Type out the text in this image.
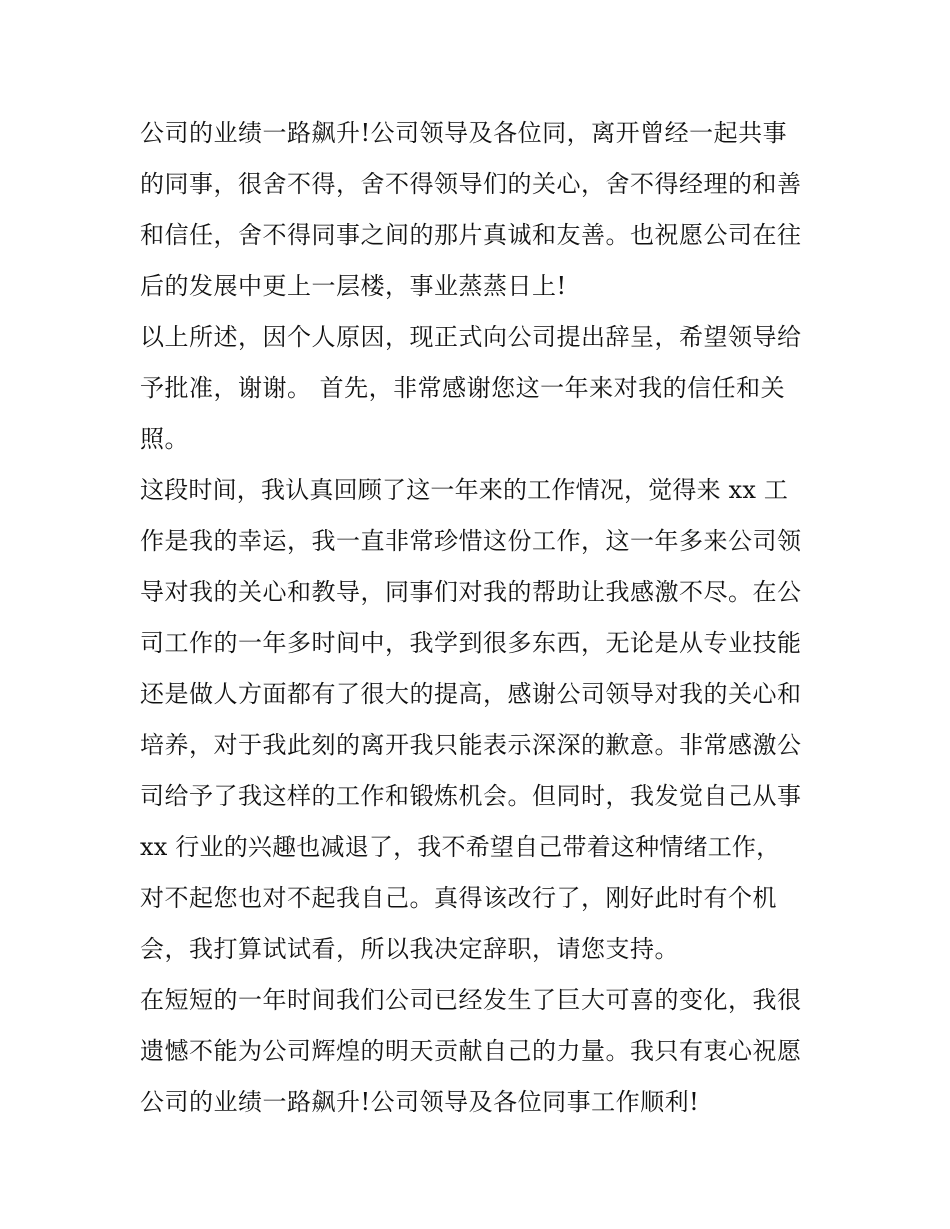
公司的业绩一路飙升!公司领导及各位同，离开曾经一起共事
的同事，很舍不得，舍不得领导们的关心，舍不得经理的和善
和信任，舍不得同事之间的那片真诚和友善。也祝愿公司在往
后的发展中更上一层楼，事业蒸蒸日上!
以上所述，因个人原因，现正式向公司提出辞呈，希望领导给
予批准，谢谢。 首先，非常感谢您这一年来对我的信任和关
照。
这段时间，我认真回顾了这一年来的工作情况，觉得来 xx 工
作是我的幸运，我一直非常珍惜这份工作，这一年多来公司领
导对我的关心和教导，同事们对我的帮助让我感激不尽。在公
司工作的一年多时间中，我学到很多东西，无论是从专业技能
还是做人方面都有了很大的提高，感谢公司领导对我的关心和
培养，对于我此刻的离开我只能表示深深的歉意。非常感激公
司给予了我这样的工作和锻炼机会。但同时，我发觉自己从事
xx 行业的兴趣也减退了，我不希望自己带着这种情绪工作，
对不起您也对不起我自己。真得该改行了，刚好此时有个机
会，我打算试试看，所以我决定辞职，请您支持。
在短短的一年时间我们公司已经发生了巨大可喜的变化，我很
遗憾不能为公司辉煌的明天贡献自己的力量。我只有衷心祝愿
公司的业绩一路飙升!公司领导及各位同事工作顺利!
